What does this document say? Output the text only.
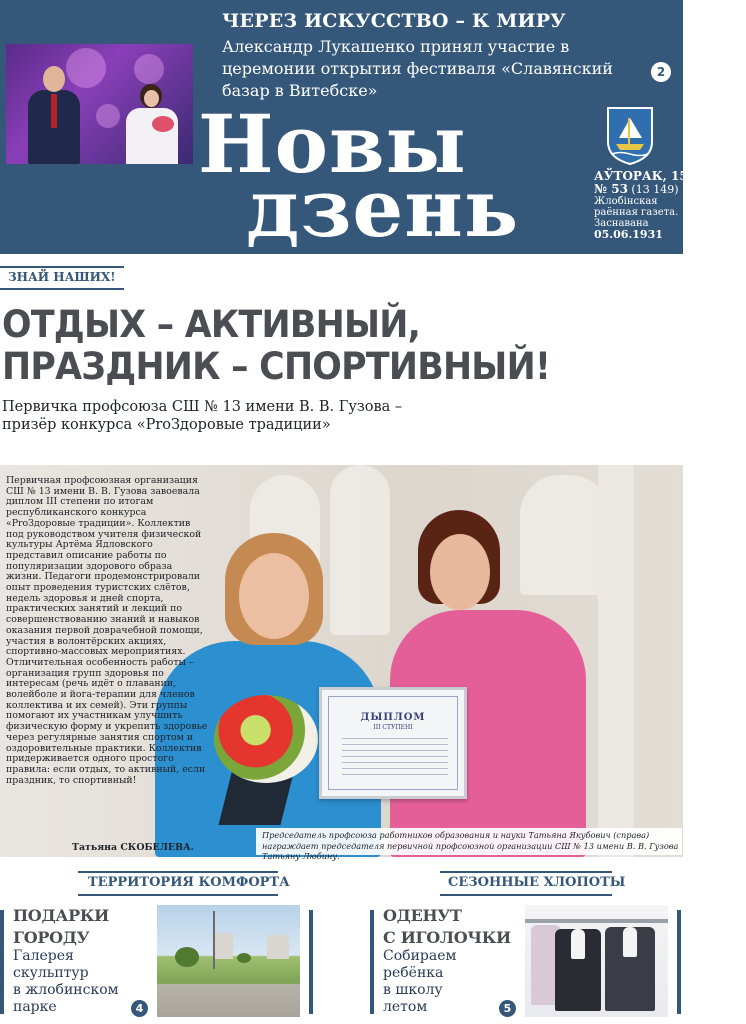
ЧЕРЕЗ ИСКУССТВО – К МИРУ
Александр Лукашенко принял участие в церемонии открытия фестиваля «Славянский базар в Витебске»
2
Новы
дзень	АЎТОРАК, 15.07.2025
№ 53 (13 149)
Жлобінская раённая газета.
Заснавана
05.06.1931
ЗНАЙ НАШИХ!
ОТДЫХ – АКТИВНЫЙ,
ПРАЗДНИК – СПОРТИВНЫЙ!

Первичка профсоюза СШ № 13 имени В. В. Гузова – призёр конкурса «ProЗдоровые традиции»

ДЫПЛОМ
III СТУПЕНІ
Первичная профсоюзная организация СШ № 13 имени В. В. Гузова завоевала диплом III степени по итогам республиканского конкурса «ProЗдоровые традиции». Коллектив под руководством учителя физической культуры Артёма Ядловского представил описание работы по популяризации здорового образа жизни. Педагоги продемонстрировали опыт проведения туристских слётов, недель здоровья и дней спорта, практических занятий и лекций по совершенствованию знаний и навыков оказания первой доврачебной помощи, участия в волонтёрских акциях, спортивно-массовых мероприятиях. Отличительная особенность работы – организация групп здоровья по интересам (речь идёт о плавании, волейболе и йога-терапии для членов коллектива и их семей). Эти группы помогают их участникам улучшить физическую форму и укрепить здоровье через регулярные занятия спортом и оздоровительные практики. Коллектив придерживается одного простого правила: если отдых, то активный, если праздник, то спортивный!
Татьяна СКОБЕЛЕВА.
Председатель профсоюза работников образования и науки Татьяна Якубович (справа) награждает председателя первичной профсоюзной организации СШ № 13 имени В. В. Гузова Татьяну Любину.
ТЕРРИТОРИЯ КОМФОРТА
ПОДАРКИ
ГОРОДУ
Галерея
скульптур
в жлобинском
парке	4
СЕЗОННЫЕ ХЛОПОТЫ
ОДЕНУТ
С ИГОЛОЧКИ
Собираем
ребёнка
в школу
летом	5
